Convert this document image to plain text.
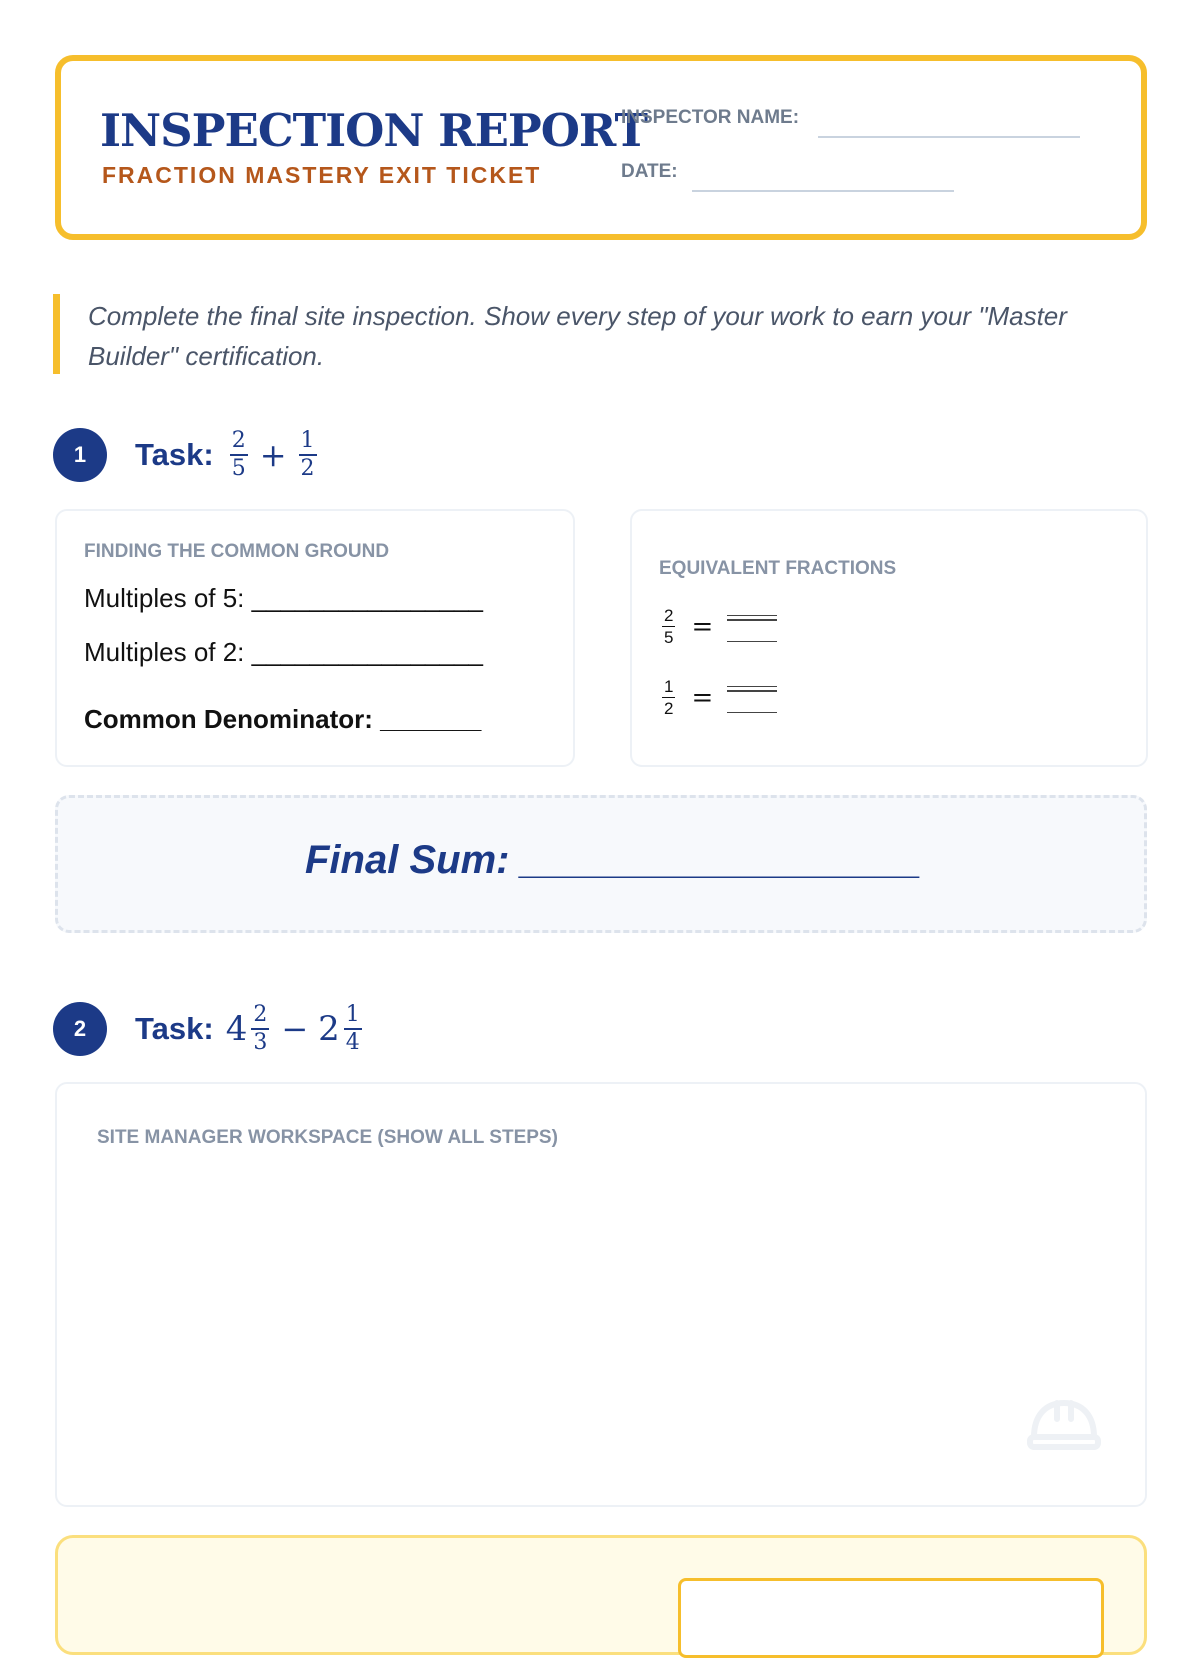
INSPECTION REPORT
FRACTION MASTERY EXIT TICKET
INSPECTOR NAME:
DATE:
Complete the final site inspection. Show every step of your work to earn your "Master Builder" certification.
1	Task: $\frac{2}{5} + \frac{1}{2}$
FINDING THE COMMON GROUND
Multiples of 5: ________________
Multiples of 2: ________________
Common Denominator: _______
EQUIVALENT FRACTIONS
$\frac{2}{5}$ =
$\frac{1}{2}$ =
Final Sum: __________________
2	Task: $4 \frac{2}{3} - 2 \frac{1}{4}$
SITE MANAGER WORKSPACE (SHOW ALL STEPS)
